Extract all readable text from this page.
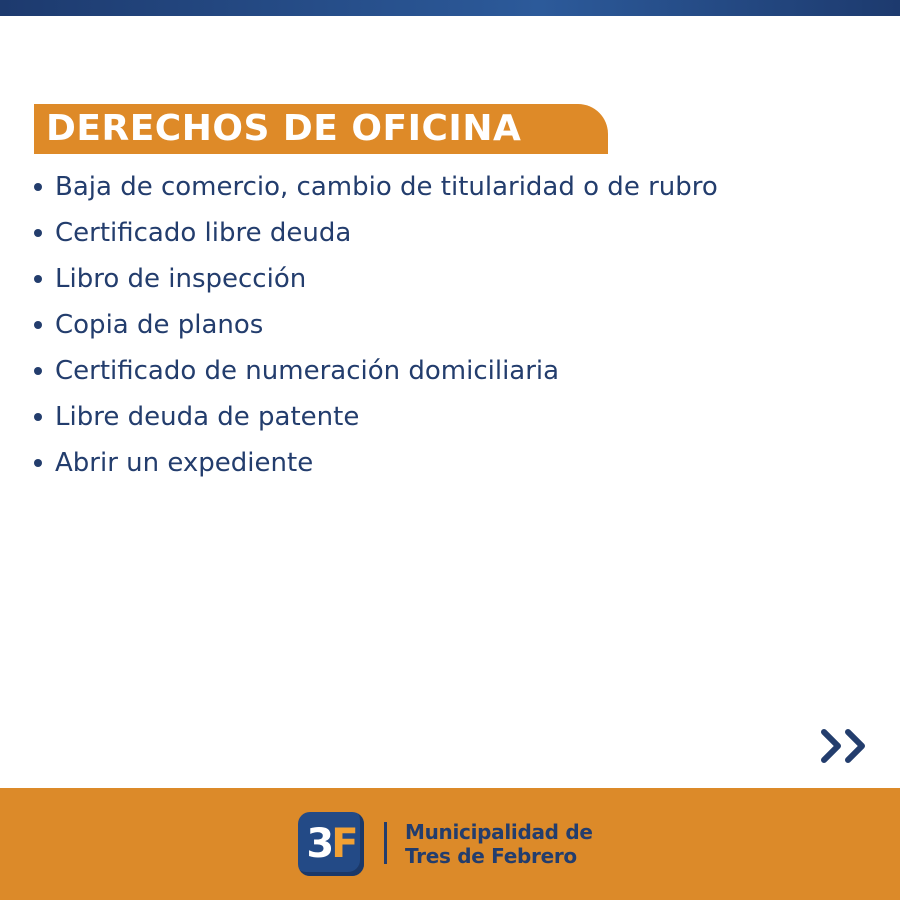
DERECHOS DE OFICINA
Baja de comercio, cambio de titularidad o de rubro
Certificado libre deuda
Libro de inspección
Copia de planos
Certificado de numeración domiciliaria
Libre deuda de patente
Abrir un expediente
3F Municipalidad de
Tres de Febrero
